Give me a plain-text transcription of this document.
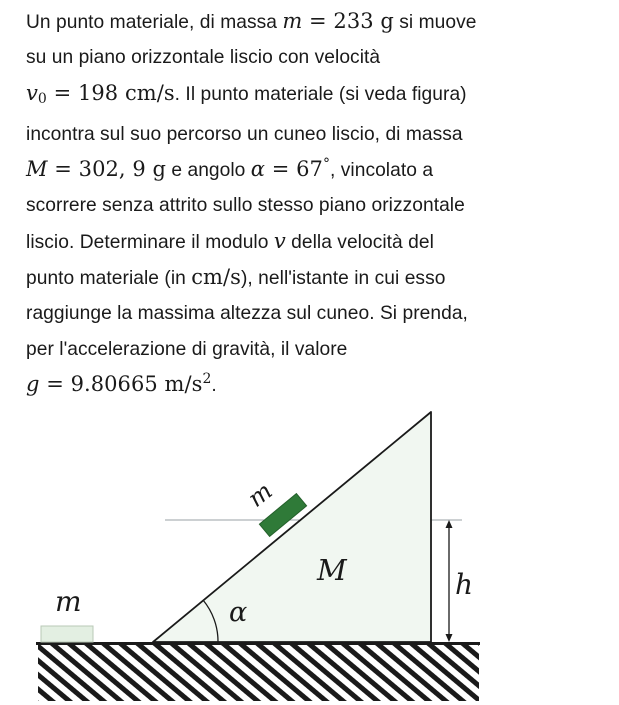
Un punto materiale, di massa m = 233 g si muove
su un piano orizzontale liscio con velocità
$v_0 = 198$ cm/s. Il punto materiale (si veda figura)
incontra sul suo percorso un cuneo liscio, di massa
M = 302, 9 g e angolo α = 67°, vincolato a
scorrere senza attrito sullo stesso piano orizzontale
liscio. Determinare il modulo v della velocità del
punto materiale (in cm/s), nell'istante in cui esso
raggiunge la massima altezza sul cuneo. Si prenda,
per l'accelerazione di gravità, il valore
g = 9.80665 $m/s^2$.
m
m
M
α
h
